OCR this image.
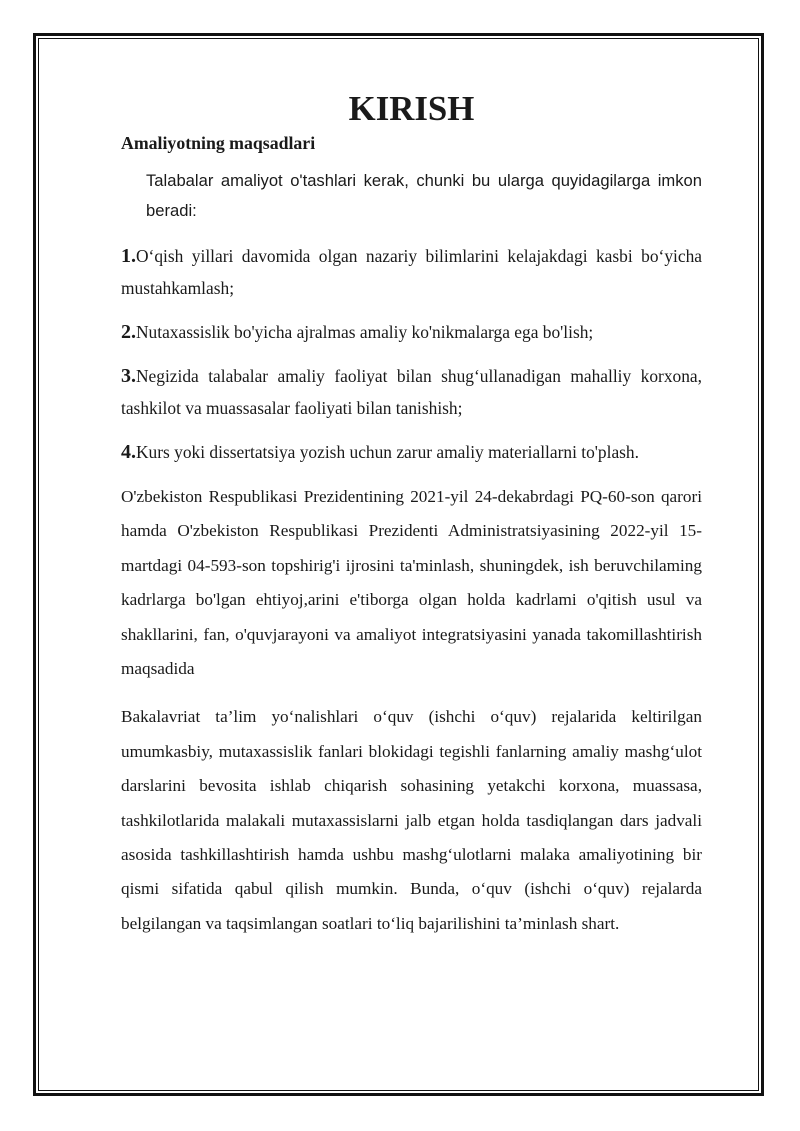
KIRISH
Amaliyotning maqsadlari

Talabalar amaliyot o'tashlari kerak, chunki bu ularga quyidagilarga imkon beradi:

1.O‘qish yillari davomida olgan nazariy bilimlarini kelajakdagi kasbi bo‘yicha mustahkamlash;

2.Nutaxassislik bo'yicha ajralmas amaliy ko'nikmalarga ega bo'lish;

3.Negizida talabalar amaliy faoliyat bilan shug‘ullanadigan mahalliy korxona, tashkilot va muassasalar faoliyati bilan tanishish;

4.Kurs yoki dissertatsiya yozish uchun zarur amaliy materiallarni to'plash.

O'zbekiston Respublikasi Prezidentining 2021-yil 24-dekabrdagi PQ-60-son qarori hamda O'zbekiston Respublikasi Prezidenti Administratsiyasining 2022-yil 15-martdagi 04-593-son topshirig'i ijrosini ta'minlash, shuningdek, ish beruvchilaming kadrlarga bo'lgan ehtiyoj,arini e'tiborga olgan holda kadrlami o'qitish usul va shakllarini, fan, o'quvjarayoni va amaliyot integratsiyasini yanada takomillashtirish maqsadida

Bakalavriat ta’lim yo‘nalishlari o‘quv (ishchi o‘quv) rejalarida keltirilgan umumkasbiy, mutaxassislik fanlari blokidagi tegishli fanlarning amaliy mashg‘ulot darslarini bevosita ishlab chiqarish sohasining yetakchi korxona, muassasa, tashkilotlarida malakali mutaxassislarni jalb etgan holda tasdiqlangan dars jadvali asosida tashkillashtirish hamda ushbu mashg‘ulotlarni malaka amaliyotining bir qismi sifatida qabul qilish mumkin. Bunda, o‘quv (ishchi o‘quv) rejalarda belgilangan va taqsimlangan soatlari to‘liq bajarilishini ta’minlash shart.
